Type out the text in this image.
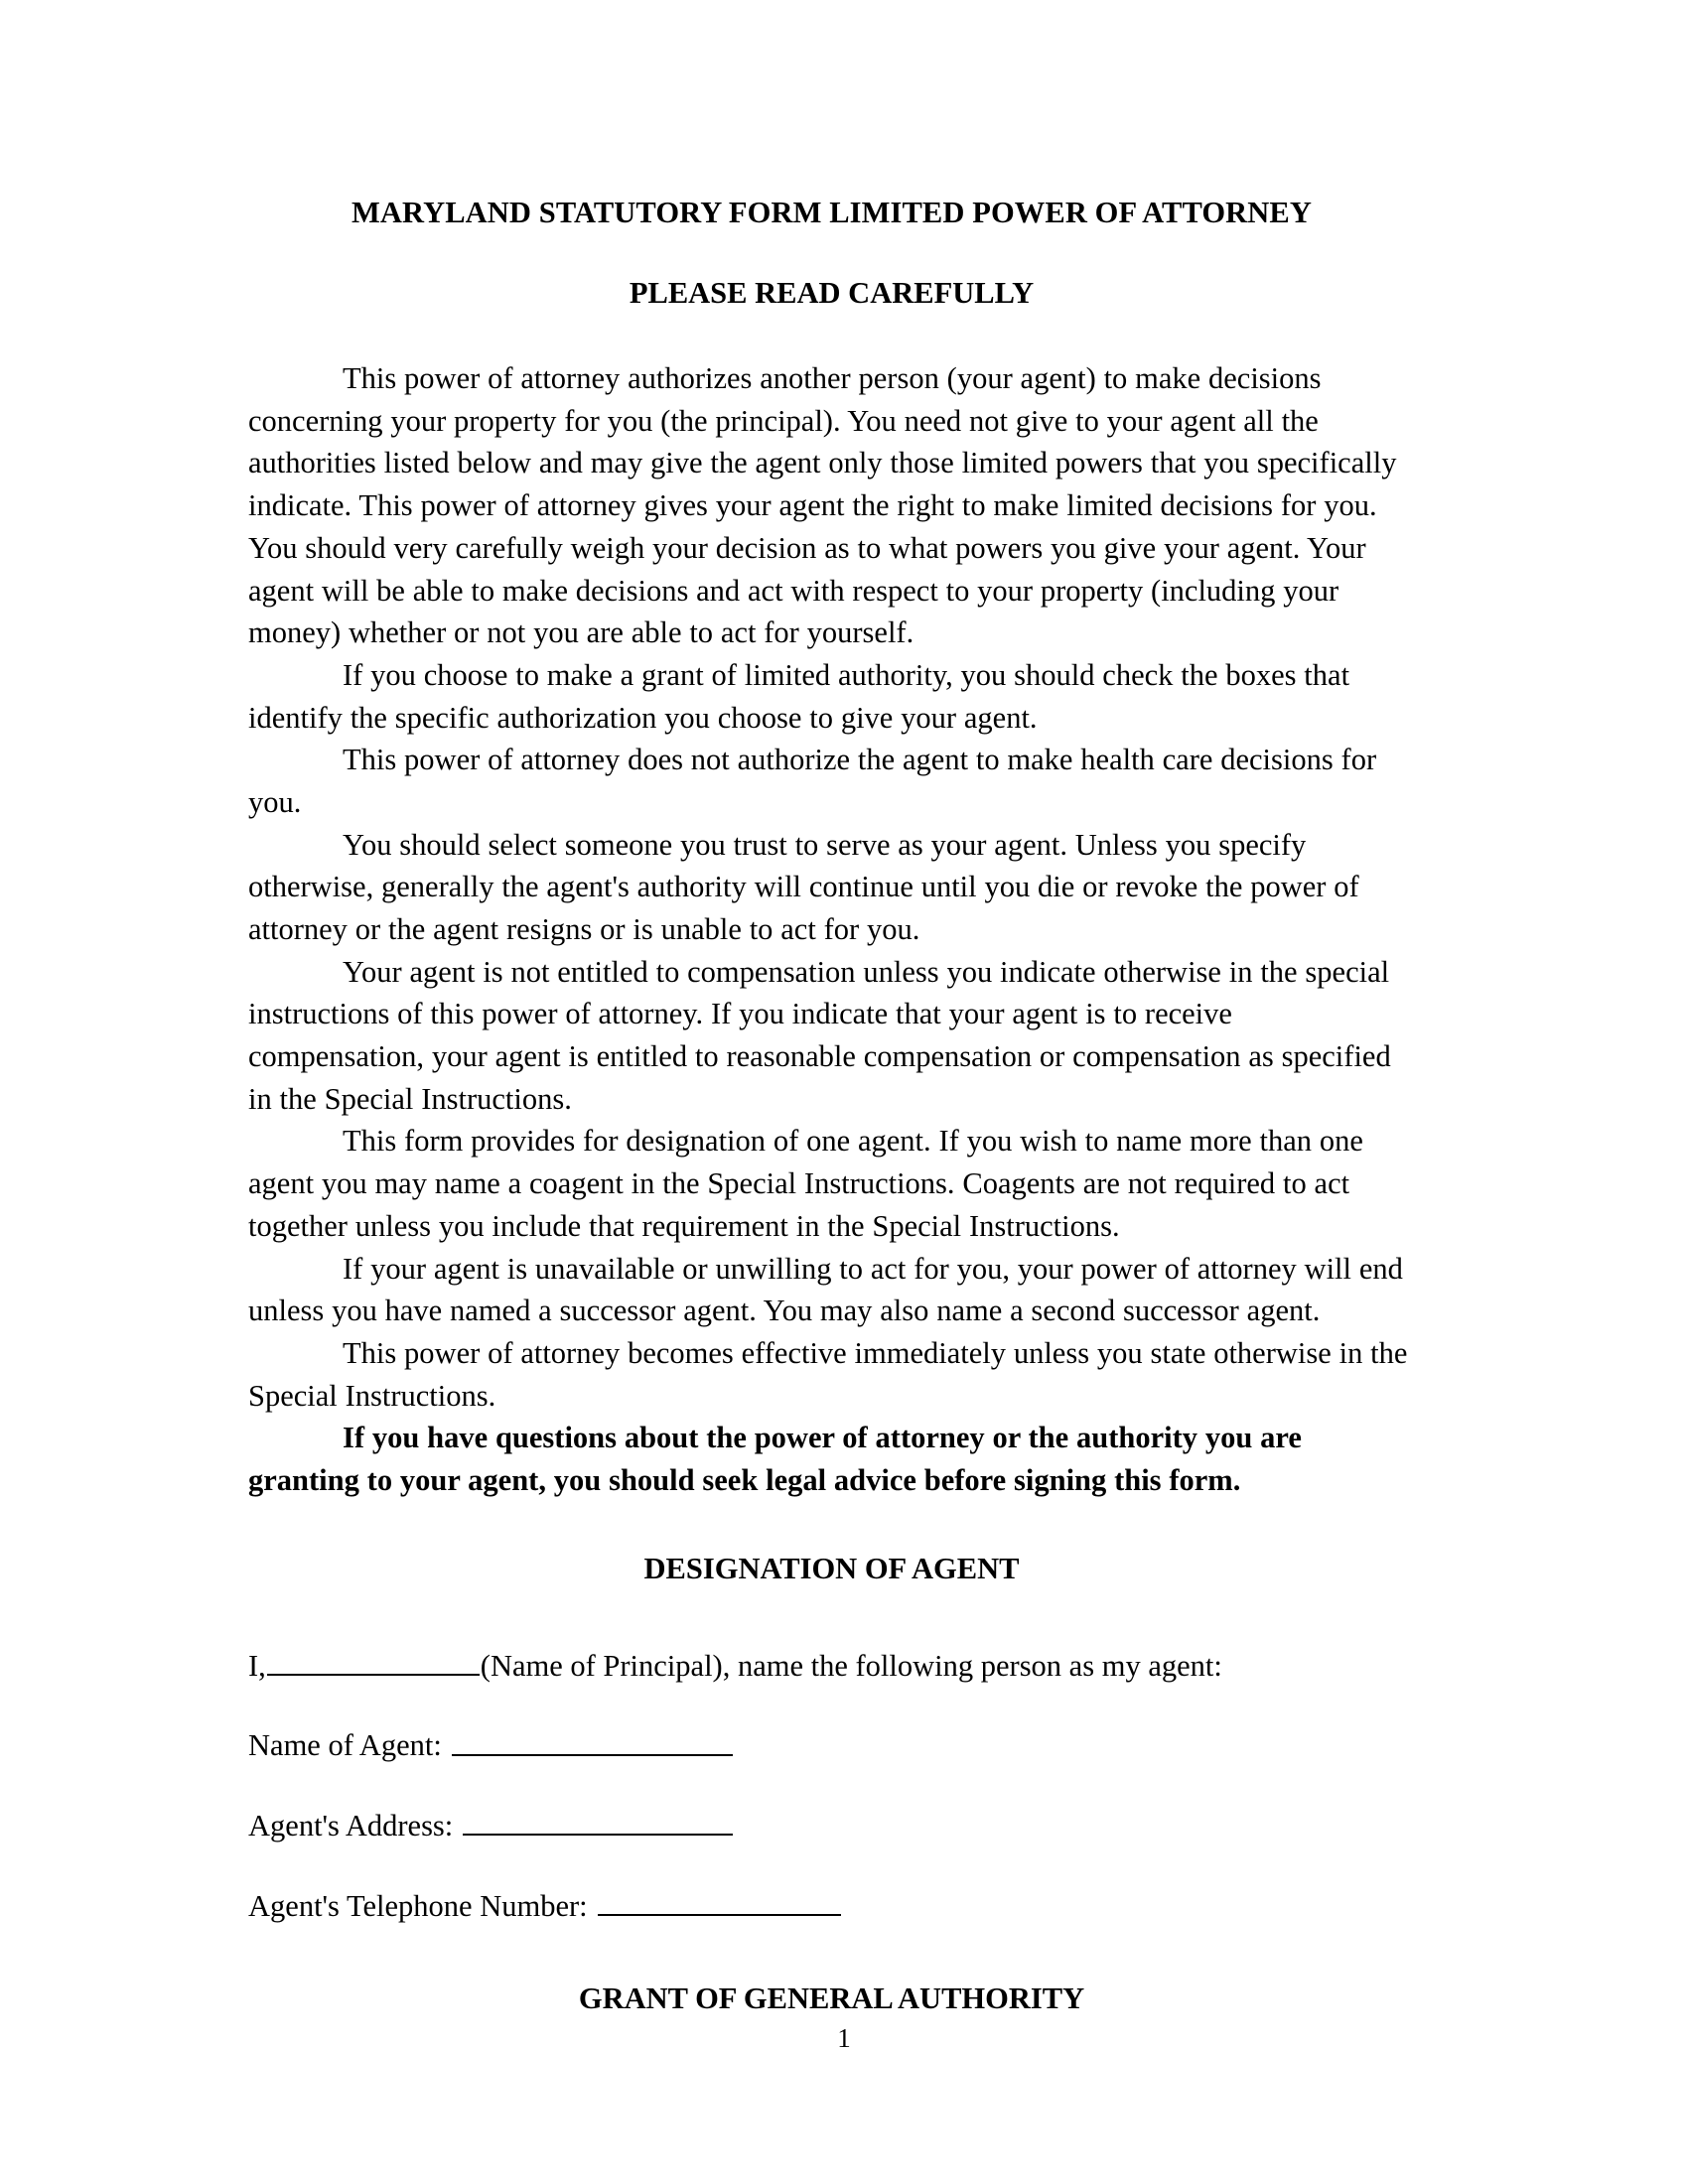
MARYLAND STATUTORY FORM LIMITED POWER OF ATTORNEY
PLEASE READ CAREFULLY

This power of attorney authorizes another person (your agent) to make decisions concerning your property for you (the principal). You need not give to your agent all the authorities listed below and may give the agent only those limited powers that you specifically indicate. This power of attorney gives your agent the right to make limited decisions for you. You should very carefully weigh your decision as to what powers you give your agent. Your agent will be able to make decisions and act with respect to your property (including your money) whether or not you are able to act for yourself.

If you choose to make a grant of limited authority, you should check the boxes that identify the specific authorization you choose to give your agent.

This power of attorney does not authorize the agent to make health care decisions for you.

You should select someone you trust to serve as your agent. Unless you specify otherwise, generally the agent's authority will continue until you die or revoke the power of attorney or the agent resigns or is unable to act for you.

Your agent is not entitled to compensation unless you indicate otherwise in the special instructions of this power of attorney. If you indicate that your agent is to receive compensation, your agent is entitled to reasonable compensation or compensation as specified in the Special Instructions.

This form provides for designation of one agent. If you wish to name more than one agent you may name a coagent in the Special Instructions. Coagents are not required to act together unless you include that requirement in the Special Instructions.

If your agent is unavailable or unwilling to act for you, your power of attorney will end unless you have named a successor agent. You may also name a second successor agent.

This power of attorney becomes effective immediately unless you state otherwise in the Special Instructions.

If you have questions about the power of attorney or the authority you are granting to your agent, you should seek legal advice before signing this form.

DESIGNATION OF AGENT

I,	(Name of Principal), name the following person as my agent:

Name of Agent:

Agent's Address:

Agent's Telephone Number:

GRANT OF GENERAL AUTHORITY
1
